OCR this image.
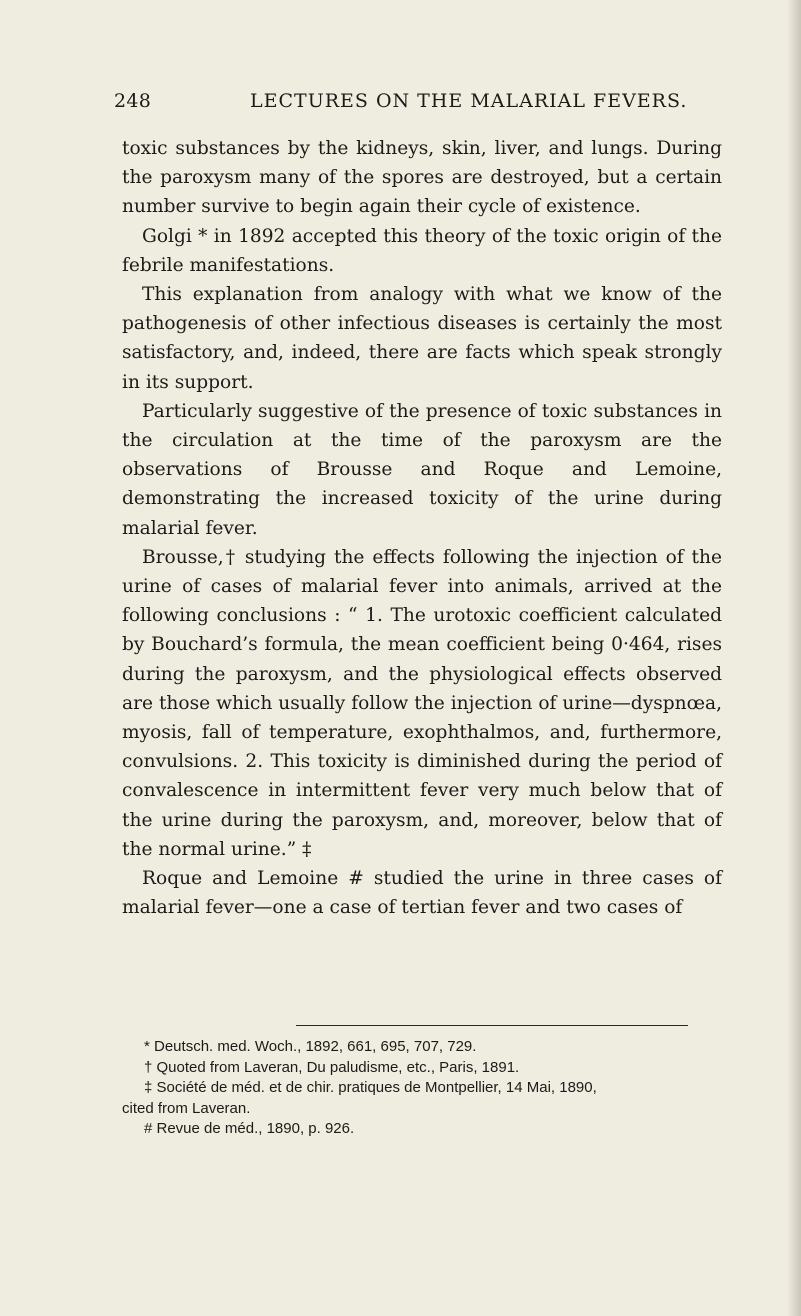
248	LECTURES ON THE MALARIAL FEVERS.

toxic substances by the kidneys, skin, liver, and lungs. During the paroxysm many of the spores are destroyed, but a certain number survive to begin again their cycle of existence.

Golgi * in 1892 accepted this theory of the toxic origin of the febrile manifestations.

This explanation from analogy with what we know of the pathogenesis of other infectious diseases is certainly the most satisfactory, and, indeed, there are facts which speak strongly in its support.

Particularly suggestive of the presence of toxic substances in the circulation at the time of the paroxysm are the observations of Brousse and Roque and Lemoine, demonstrating the increased toxicity of the urine during malarial fever.

Brousse,† studying the effects following the injection of the urine of cases of malarial fever into animals, arrived at the following conclusions : “ 1. The urotoxic coefficient calculated by Bouchard’s formula, the mean coefficient being 0·464, rises during the paroxysm, and the physiological effects observed are those which usually follow the injection of urine—dyspnœa, myosis, fall of temperature, exophthalmos, and, furthermore, convulsions. 2. This toxicity is diminished during the period of convalescence in intermittent fever very much below that of the urine during the paroxysm, and, moreover, below that of the normal urine.” ‡

Roque and Lemoine # studied the urine in three cases of malarial fever—one a case of tertian fever and two cases of

* Deutsch. med. Woch., 1892, 661, 695, 707, 729.

† Quoted from Laveran, Du paludisme, etc., Paris, 1891.

‡ Société de méd. et de chir. pratiques de Montpellier, 14 Mai, 1890,

cited from Laveran.

# Revue de méd., 1890, p. 926.
